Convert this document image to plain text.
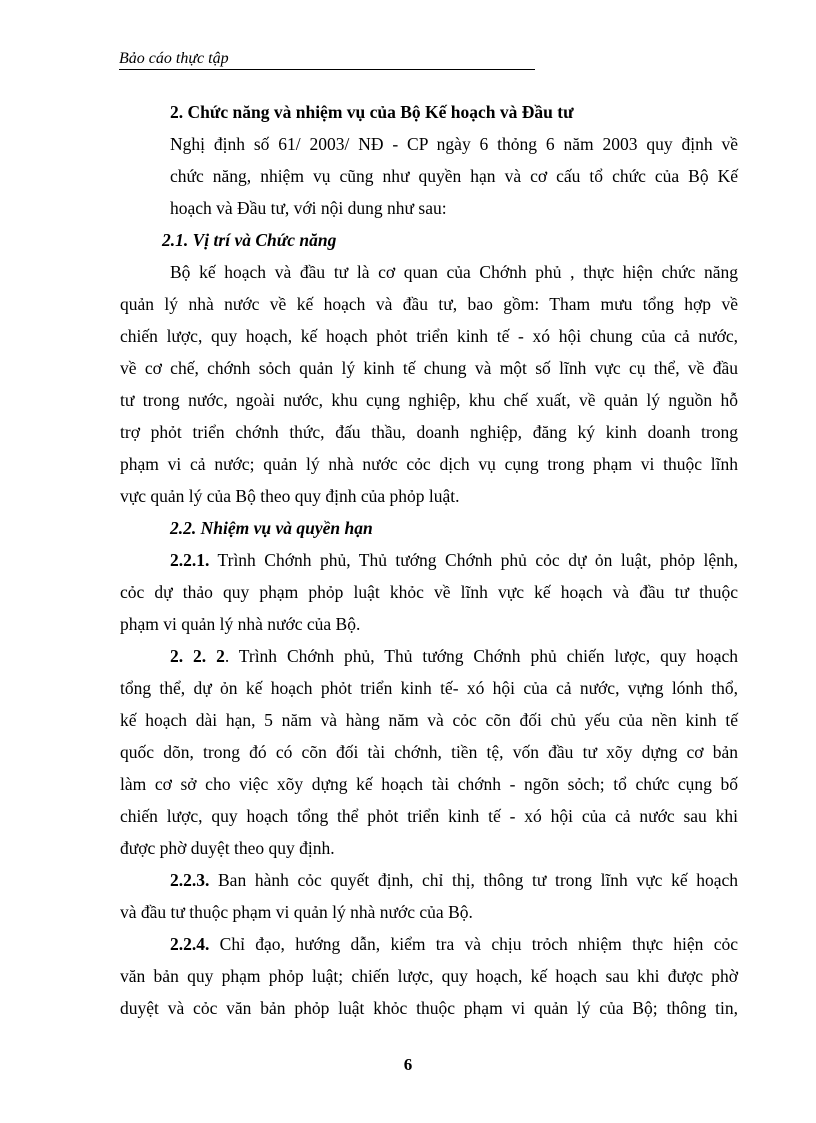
Bảo cáo thực tập
2. Chức năng và nhiệm vụ của Bộ Kế hoạch và Đầu tư
Nghị định số 61/ 2003/ NĐ - CP ngày 6 thỏng 6 năm 2003 quy định về
chức năng, nhiệm vụ cũng như quyền hạn và cơ cấu tổ chức của Bộ Kế
hoạch và Đầu tư, với nội dung như sau:
2.1. Vị trí và Chức năng
Bộ kế hoạch và đầu tư là cơ quan của Chớnh phủ , thực hiện chức năng
quản lý nhà nước về kế hoạch và đầu tư, bao gồm: Tham mưu tổng hợp về
chiến lược, quy hoạch, kế hoạch phỏt triển kinh tế - xó hội chung của cả nước,
về cơ chế, chớnh sỏch quản lý kinh tế chung và một số lĩnh vực cụ thể, về đầu
tư trong nước, ngoài nước, khu cụng nghiệp, khu chế xuất, về quản lý nguồn hỗ
trợ phỏt triển chớnh thức, đấu thầu, doanh nghiệp, đăng ký kinh doanh trong
phạm vi cả nước; quản lý nhà nước cỏc dịch vụ cụng trong phạm vi thuộc lĩnh
vực quản lý của Bộ theo quy định của phỏp luật.
2.2. Nhiệm vụ và quyền hạn
2.2.1. Trình Chớnh phủ, Thủ tướng Chớnh phủ cỏc dự ỏn luật, phỏp lệnh,
cỏc dự thảo quy phạm phỏp luật khỏc về lĩnh vực kế hoạch và đầu tư thuộc
phạm vi quản lý nhà nước của Bộ.
2. 2. 2. Trình Chớnh phủ, Thủ tướng Chớnh phủ chiến lược, quy hoạch
tổng thể, dự ỏn kế hoạch phỏt triển kinh tế- xó hội của cả nước, vựng lónh thổ,
kế hoạch dài hạn, 5 năm và hàng năm và cỏc cõn đối chủ yếu của nền kinh tế
quốc dõn, trong đó có cõn đối tài chớnh, tiền tệ, vốn đầu tư xõy dựng cơ bản
làm cơ sở cho việc xõy dựng kế hoạch tài chớnh - ngõn sỏch; tổ chức cụng bố
chiến lược, quy hoạch tổng thể phỏt triển kinh tế - xó hội của cả nước sau khi
được phờ duyệt theo quy định.
2.2.3. Ban hành cỏc quyết định, chỉ thị, thông tư trong lĩnh vực kế hoạch
và đầu tư thuộc phạm vi quản lý nhà nước của Bộ.
2.2.4. Chỉ đạo, hướng dẫn, kiểm tra và chịu trỏch nhiệm thực hiện cỏc
văn bản quy phạm phỏp luật; chiến lược, quy hoạch, kế hoạch sau khi được phờ
duyệt và cỏc văn bản phỏp luật khỏc thuộc phạm vi quản lý của Bộ; thông tin,
6
